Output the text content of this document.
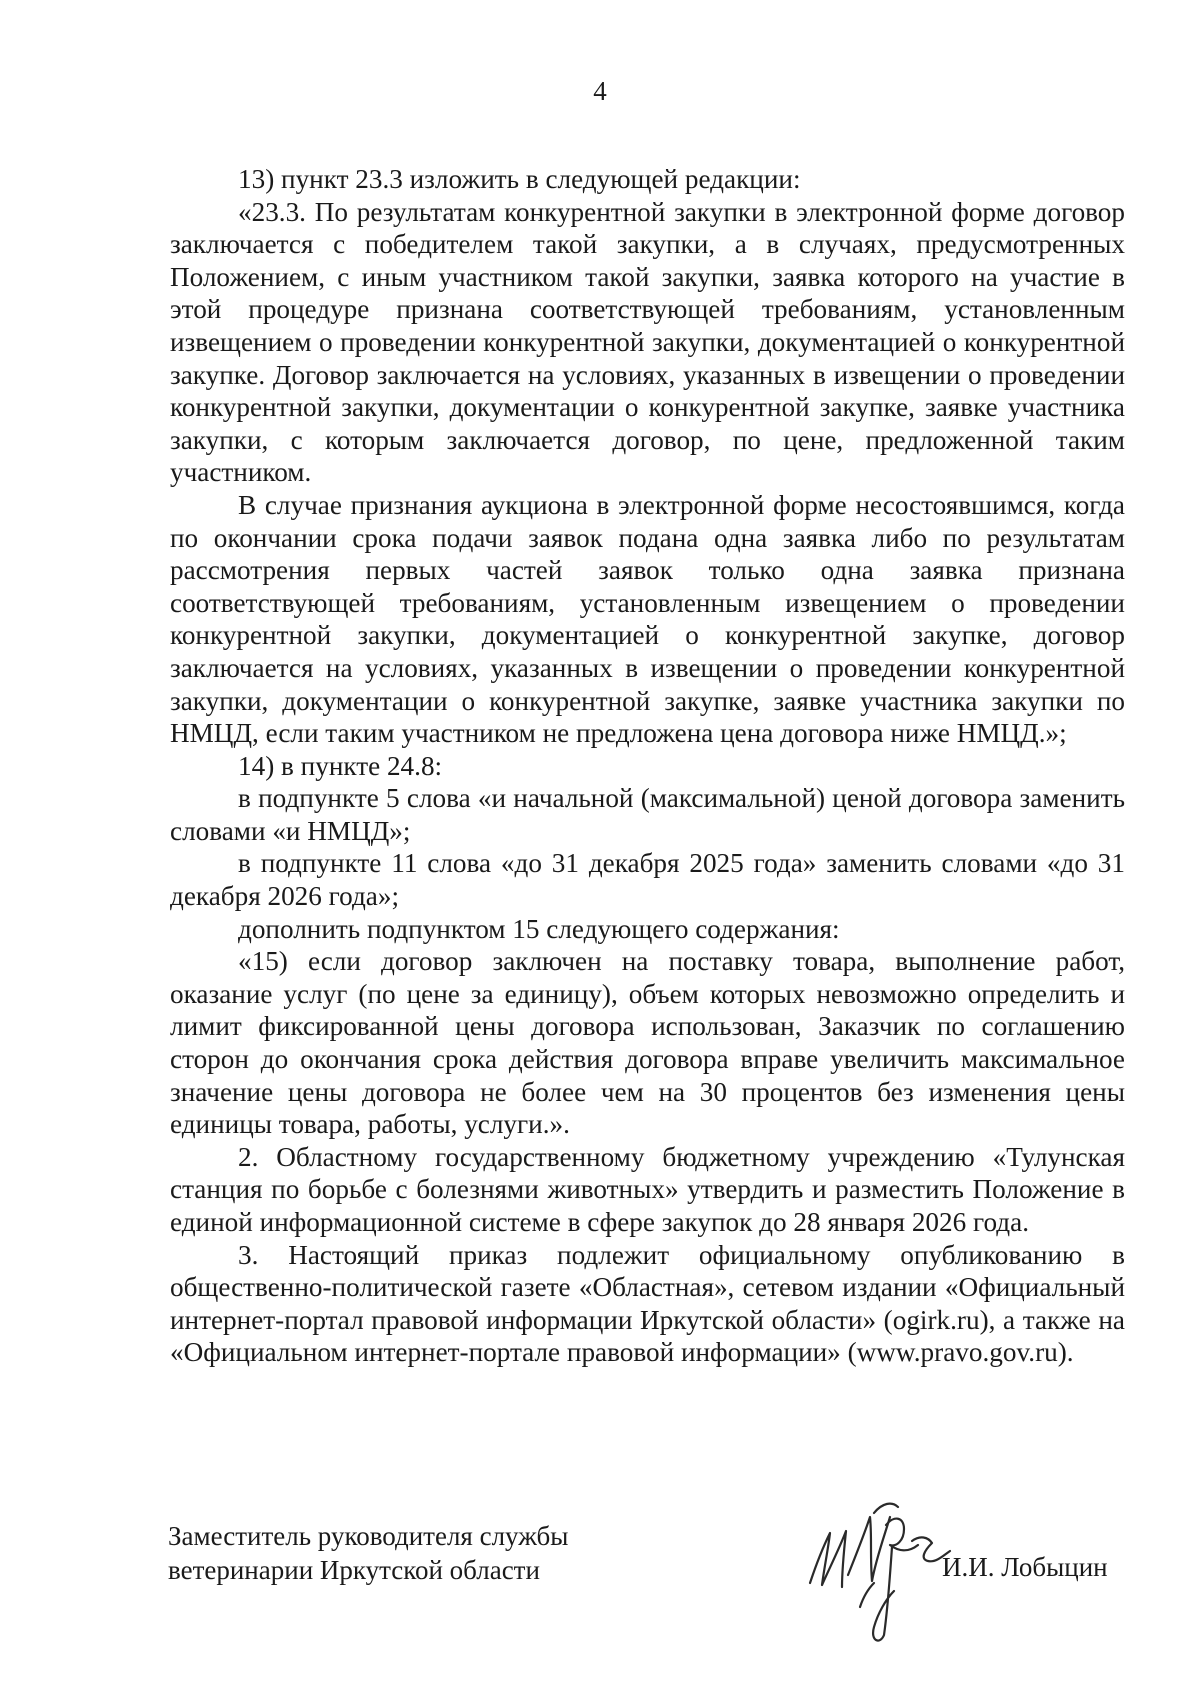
4

13) пункт 23.3 изложить в следующей редакции:

«23.3. По результатам конкурентной закупки в электронной форме договор заключается с победителем такой закупки, а в случаях, предусмотренных Положением, с иным участником такой закупки, заявка которого на участие в этой процедуре признана соответствующей требованиям, установленным извещением о проведении конкурентной закупки, документацией о конкурентной закупке. Договор заключается на условиях, указанных в извещении о проведении конкурентной закупки, документации о конкурентной закупке, заявке участника закупки, с которым заключается договор, по цене, предложенной таким участником.

В случае признания аукциона в электронной форме несостоявшимся, когда по окончании срока подачи заявок подана одна заявка либо по результатам рассмотрения первых частей заявок только одна заявка признана соответствующей требованиям, установленным извещением о проведении конкурентной закупки, документацией о конкурентной закупке, договор заключается на условиях, указанных в извещении о проведении конкурентной закупки, документации о конкурентной закупке, заявке участника закупки по НМЦД, если таким участником не предложена цена договора ниже НМЦД.»;

14) в пункте 24.8:

в подпункте 5 слова «и начальной (максимальной) ценой договора заменить словами «и НМЦД»;

в подпункте 11 слова «до 31 декабря 2025 года» заменить словами «до 31 декабря 2026 года»;

дополнить подпунктом 15 следующего содержания:

«15) если договор заключен на поставку товара, выполнение работ, оказание услуг (по цене за единицу), объем которых невозможно определить и лимит фиксированной цены договора использован, Заказчик по соглашению сторон до окончания срока действия договора вправе увеличить максимальное значение цены договора не более чем на 30 процентов без изменения цены единицы товара, работы, услуги.».

2. Областному государственному бюджетному учреждению «Тулунская станция по борьбе с болезнями животных» утвердить и разместить Положение в единой информационной системе в сфере закупок до 28 января 2026 года.

3. Настоящий приказ подлежит официальному опубликованию в общественно-политической газете «Областная», сетевом издании «Официальный интернет-портал правовой информации Иркутской области» (ogirk.ru), а также на «Официальном интернет-портале правовой информации» (www.pravo.gov.ru).

Заместитель руководителя службы
ветеринарии Иркутской области	И.И. Лобыцин
